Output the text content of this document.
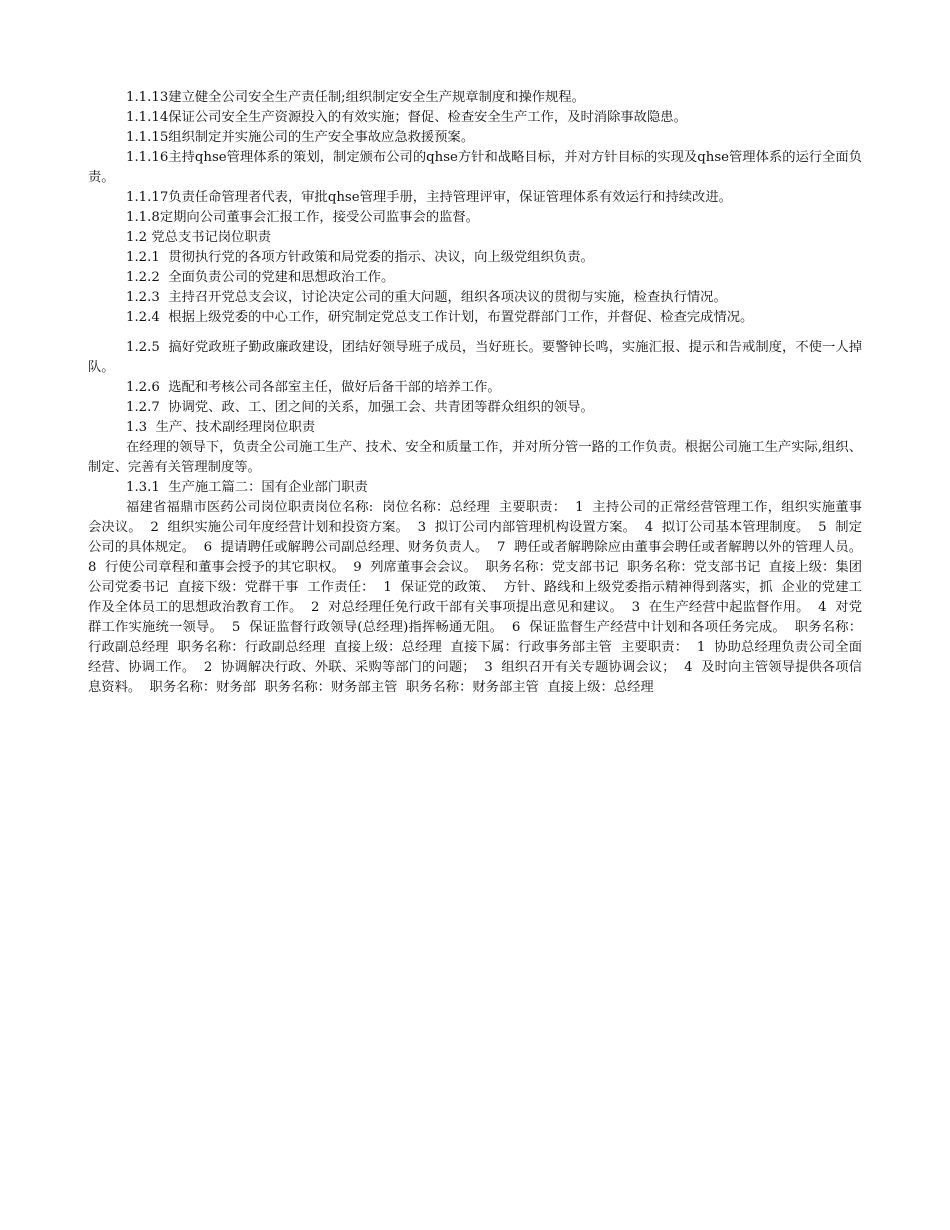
1.1.13建立健全公司安全生产责任制;组织制定安全生产规章制度和操作规程。

1.1.14保证公司安全生产资源投入的有效实施；督促、检查安全生产工作，及时消除事故隐患。

1.1.15组织制定并实施公司的生产安全事故应急救援预案。

1.1.16主持qhse管理体系的策划，制定颁布公司的qhse方针和战略目标，并对方针目标的实现及qhse管理体系的运行全面负责。

1.1.17负责任命管理者代表，审批qhse管理手册，主持管理评审，保证管理体系有效运行和持续改进。

1.1.8定期向公司董事会汇报工作，接受公司监事会的监督。

1.2 党总支书记岗位职责

1.2.1  贯彻执行党的各项方针政策和局党委的指示、决议，向上级党组织负责。

1.2.2  全面负责公司的党建和思想政治工作。

1.2.3  主持召开党总支会议，讨论决定公司的重大问题，组织各项决议的贯彻与实施，检查执行情况。

1.2.4  根据上级党委的中心工作，研究制定党总支工作计划，布置党群部门工作，并督促、检查完成情况。

1.2.5  搞好党政班子勤政廉政建设，团结好领导班子成员，当好班长。要警钟长鸣，实施汇报、提示和告戒制度，不使一人掉队。

1.2.6  选配和考核公司各部室主任，做好后备干部的培养工作。

1.2.7  协调党、政、工、团之间的关系，加强工会、共青团等群众组织的领导。

1.3  生产、技术副经理岗位职责

在经理的领导下，负责全公司施工生产、技术、安全和质量工作，并对所分管一路的工作负责。根据公司施工生产实际,组织、制定、完善有关管理制度等。

1.3.1  生产施工篇二：国有企业部门职责

福建省福鼎市医药公司岗位职责岗位名称:  岗位名称：总经理  主要职责：  1  主持公司的正常经营管理工作，组织实施董事会决议。  2  组织实施公司年度经营计划和投资方案。  3  拟订公司内部管理机构设置方案。  4  拟订公司基本管理制度。  5  制定公司的具体规定。  6  提请聘任或解聘公司副总经理、财务负责人。  7  聘任或者解聘除应由董事会聘任或者解聘以外的管理人员。  8  行使公司章程和董事会授予的其它职权。  9  列席董事会会议。  职务名称：党支部书记  职务名称：党支部书记  直接上级：集团公司党委书记  直接下级：党群干事  工作责任：  1  保证党的政策、  方针、路线和上级党委指示精神得到落实，抓  企业的党建工作及全体员工的思想政治教育工作。  2  对总经理任免行政干部有关事项提出意见和建议。  3  在生产经营中起监督作用。  4  对党群工作实施统一领导。  5  保证监督行政领导(总经理)指挥畅通无阻。  6  保证监督生产经营中计划和各项任务完成。  职务名称：行政副总经理  职务名称：行政副总经理  直接上级：总经理  直接下属：行政事务部主管  主要职责：  1  协助总经理负责公司全面经营、协调工作。  2  协调解决行政、外联、采购等部门的问题；  3  组织召开有关专题协调会议；  4  及时向主管领导提供各项信息资料。  职务名称：财务部  职务名称：财务部主管  职务名称：财务部主管  直接上级：总经理
